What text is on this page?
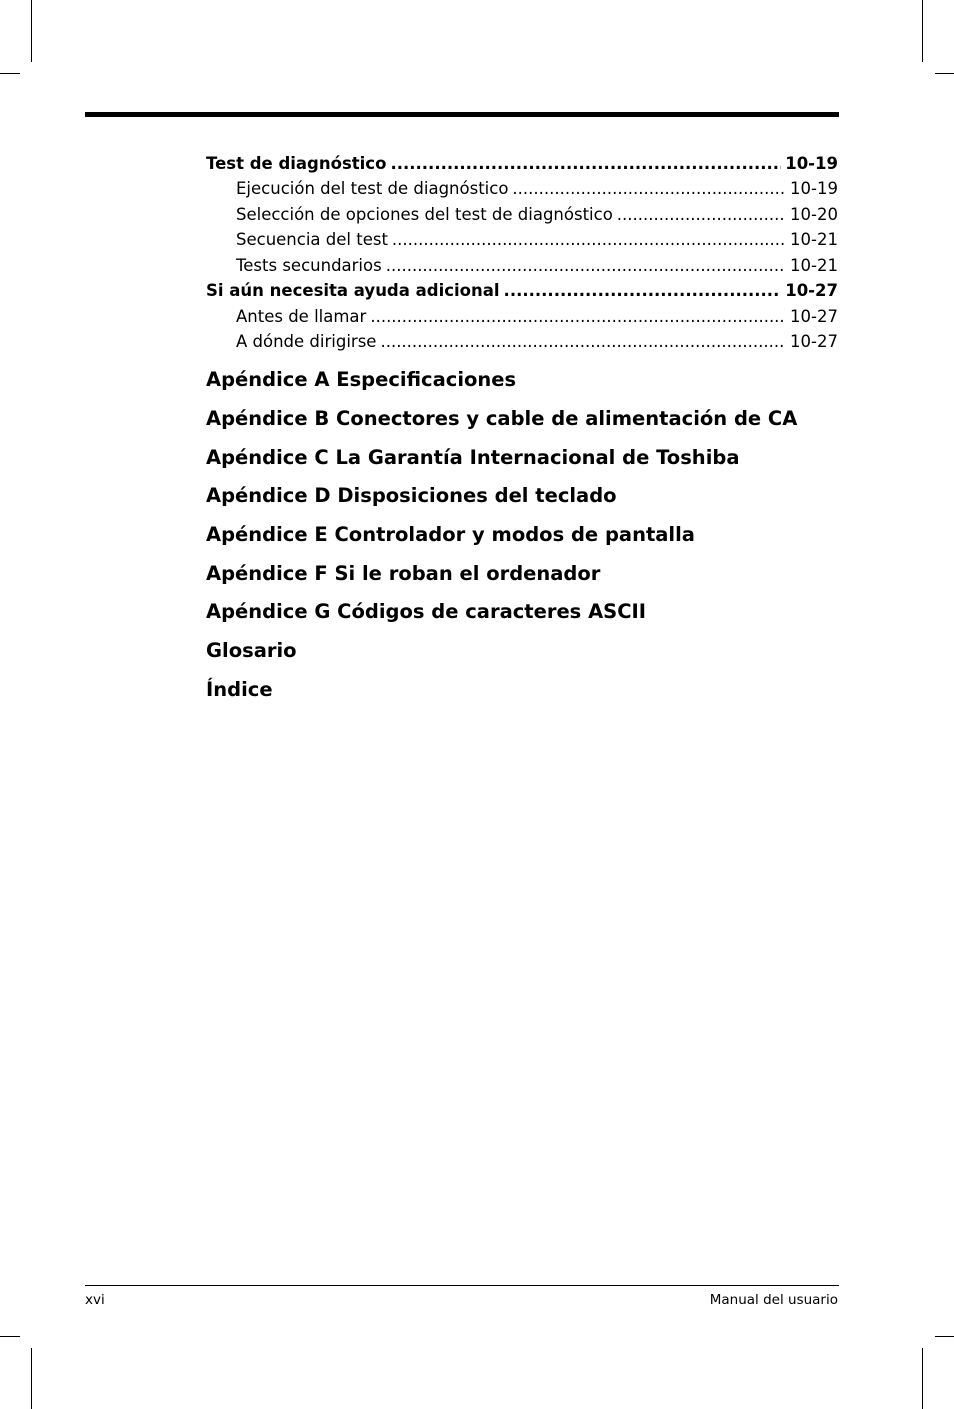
Test de diagnóstico .....	10-19
Ejecución del test de diagnóstico .....	10-19
Selección de opciones del test de diagnóstico .....	10-20
Secuencia del test .....	10-21
Tests secundarios .....	10-21
Si aún necesita ayuda adicional .....	10-27
Antes de llamar .....	10-27
A dónde dirigirse .....	10-27
Apéndice A Especificaciones
Apéndice B Conectores y cable de alimentación de CA
Apéndice C La Garantía Internacional de Toshiba
Apéndice D Disposiciones del teclado
Apéndice E Controlador y modos de pantalla
Apéndice F Si le roban el ordenador
Apéndice G Códigos de caracteres ASCII
Glosario
Índice
xvi	Manual del usuario
